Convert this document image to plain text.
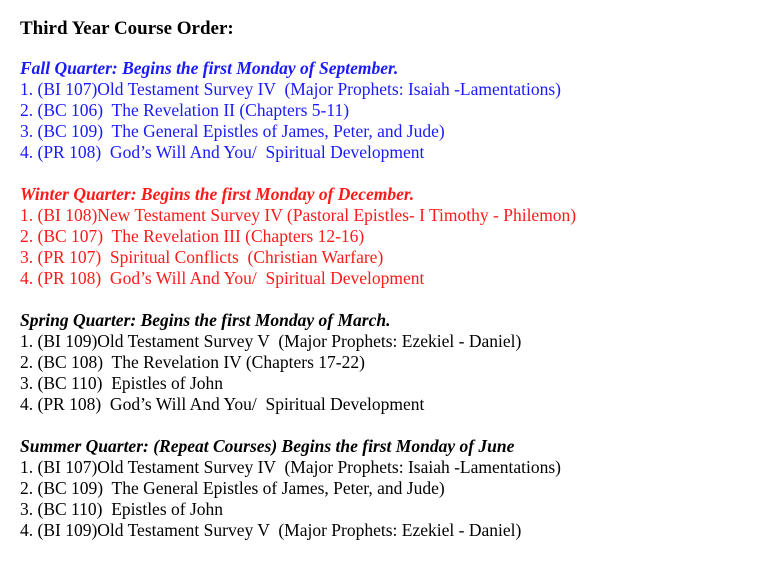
Third Year Course Order:

Fall Quarter: Begins the first Monday of September.

1. (BI 107)Old Testament Survey IV  (Major Prophets: Isaiah -Lamentations)
2. (BC 106)  The Revelation II (Chapters 5-11)
3. (BC 109)  The General Epistles of James, Peter, and Jude)
4. (PR 108)  God’s Will And You/  Spiritual Development

Winter Quarter: Begins the first Monday of December.

1. (BI 108)New Testament Survey IV (Pastoral Epistles- I Timothy - Philemon)
2. (BC 107)  The Revelation III (Chapters 12-16)
3. (PR 107)  Spiritual Conflicts  (Christian Warfare)
4. (PR 108)  God’s Will And You/  Spiritual Development

Spring Quarter: Begins the first Monday of March.

1. (BI 109)Old Testament Survey V  (Major Prophets: Ezekiel - Daniel)
2. (BC 108)  The Revelation IV (Chapters 17-22)
3. (BC 110)  Epistles of John
4. (PR 108)  God’s Will And You/  Spiritual Development

Summer Quarter: (Repeat Courses) Begins the first Monday of June

1. (BI 107)Old Testament Survey IV  (Major Prophets: Isaiah -Lamentations)
2. (BC 109)  The General Epistles of James, Peter, and Jude)
3. (BC 110)  Epistles of John
4. (BI 109)Old Testament Survey V  (Major Prophets: Ezekiel - Daniel)
